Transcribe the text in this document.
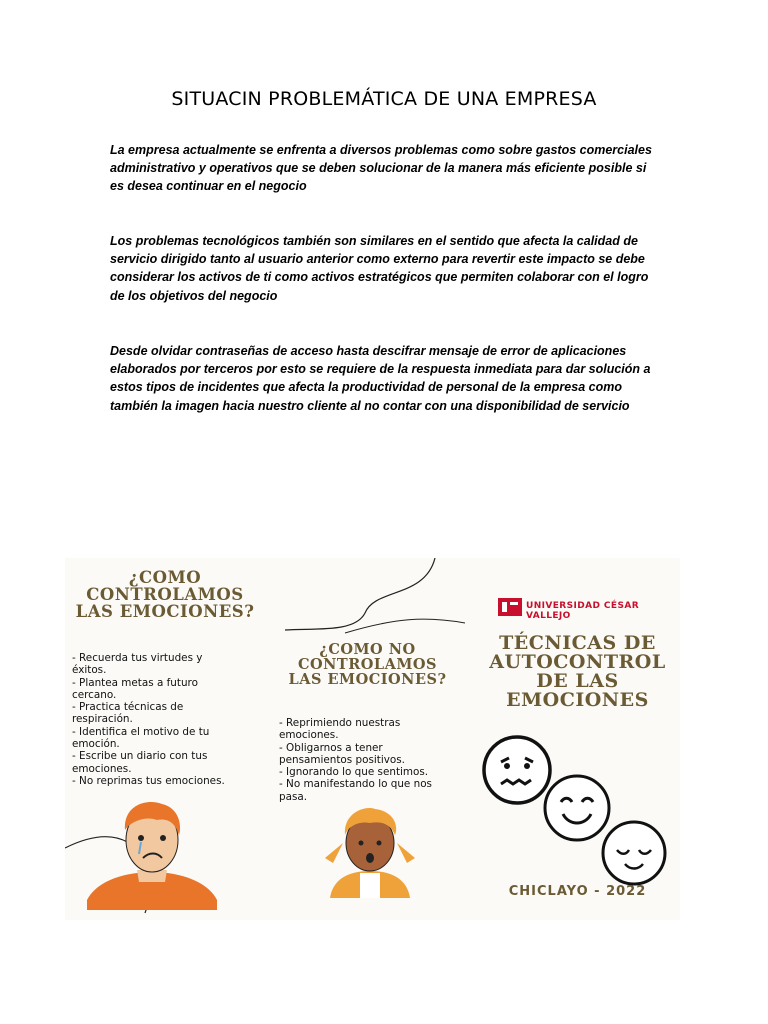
SITUACIN PROBLEMÁTICA DE UNA EMPRESA

La empresa actualmente se enfrenta a diversos problemas como sobre gastos comerciales administrativo y operativos que se deben solucionar de la manera más eficiente posible si es desea continuar en el negocio

Los problemas tecnológicos también son similares en el sentido que afecta la calidad de servicio dirigido tanto al usuario anterior como externo para revertir este impacto se debe considerar los activos de ti como activos estratégicos que permiten colaborar con el logro de los objetivos del negocio

Desde olvidar contraseñas de acceso hasta descifrar mensaje de error de aplicaciones elaborados por terceros por esto se requiere de la respuesta inmediata para dar solución a estos tipos de incidentes que afecta la productividad de personal de la empresa como también la imagen hacia nuestro cliente al no contar con una disponibilidad de servicio

¿COMO
CONTROLAMOS
LAS EMOCIONES?
- Recuerda tus virtudes y
éxitos.
- Plantea metas a futuro
cercano.
- Practica técnicas de
respiración.
- Identifica el motivo de tu
emoción.
- Escribe un diario con tus
emociones.
- No reprimas tus emociones.
¿COMO NO
CONTROLAMOS
LAS EMOCIONES?
- Reprimiendo nuestras
emociones.
- Obligarnos a tener
pensamientos positivos.
- Ignorando lo que sentimos.
- No manifestando lo que nos
pasa.
UNIVERSIDAD CÉSAR VALLEJO
TÉCNICAS DE
AUTOCONTROL
DE LAS
EMOCIONES
CHICLAYO - 2022
